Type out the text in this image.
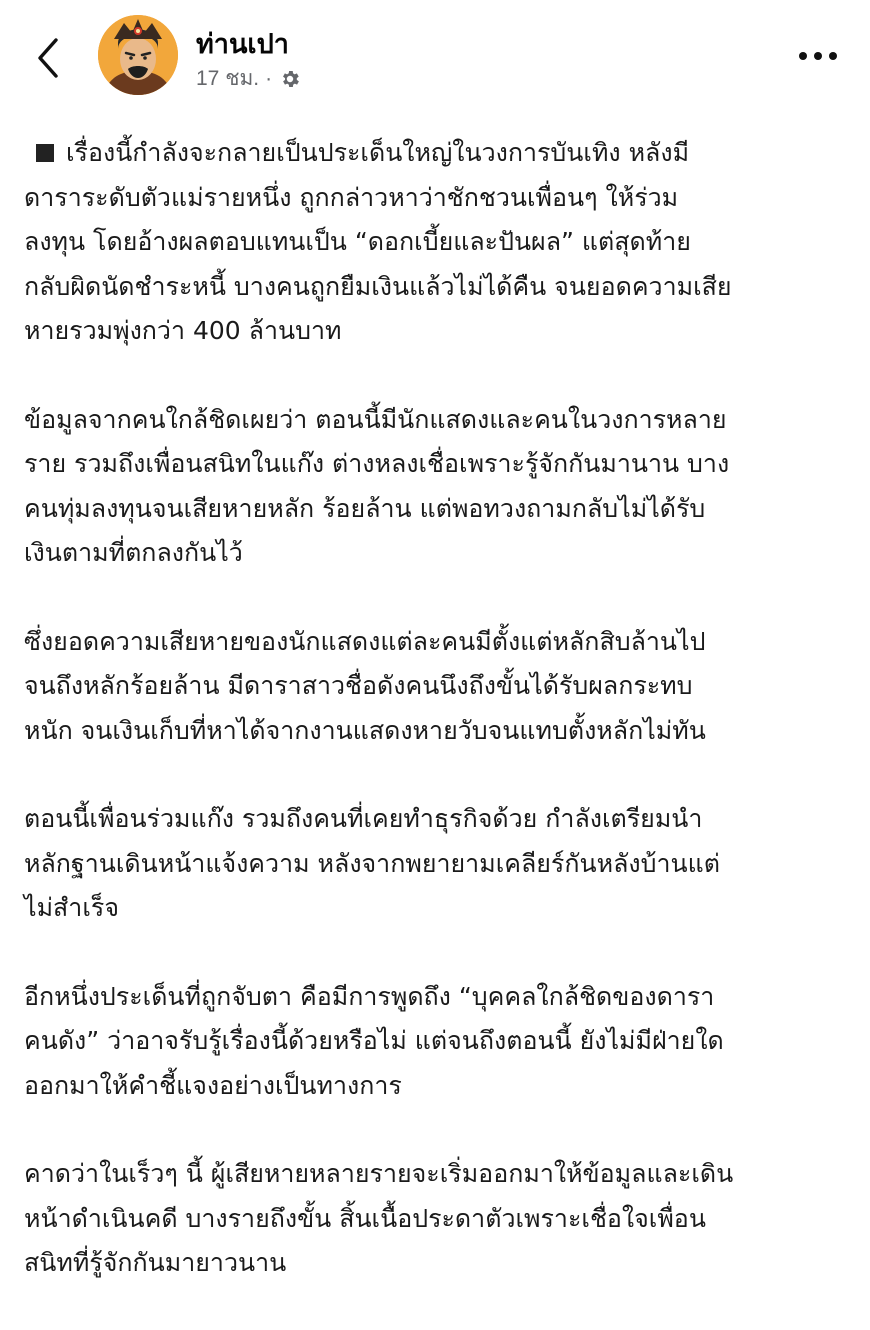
ท่านเปา
17 ชม. ·

เรื่องนี้กำลังจะกลายเป็นประเด็นใหญ่ในวงการบันเทิง หลังมี
ดาราระดับตัวแม่รายหนึ่ง ถูกกล่าวหาว่าชักชวนเพื่อนๆ ให้ร่วม
ลงทุน โดยอ้างผลตอบแทนเป็น “ดอกเบี้ยและปันผล” แต่สุดท้าย
กลับผิดนัดชำระหนี้ บางคนถูกยืมเงินแล้วไม่ได้คืน จนยอดความเสีย
หายรวมพุ่งกว่า 400 ล้านบาท

ข้อมูลจากคนใกล้ชิดเผยว่า ตอนนี้มีนักแสดงและคนในวงการหลาย
ราย รวมถึงเพื่อนสนิทในแก๊ง ต่างหลงเชื่อเพราะรู้จักกันมานาน บาง
คนทุ่มลงทุนจนเสียหายหลัก ร้อยล้าน แต่พอทวงถามกลับไม่ได้รับ
เงินตามที่ตกลงกันไว้

ซึ่งยอดความเสียหายของนักแสดงแต่ละคนมีตั้งแต่หลักสิบล้านไป
จนถึงหลักร้อยล้าน มีดาราสาวชื่อดังคนนึงถึงขั้นได้รับผลกระทบ
หนัก จนเงินเก็บที่หาได้จากงานแสดงหายวับจนแทบตั้งหลักไม่ทัน

ตอนนี้เพื่อนร่วมแก๊ง รวมถึงคนที่เคยทำธุรกิจด้วย กำลังเตรียมนำ
หลักฐานเดินหน้าแจ้งความ หลังจากพยายามเคลียร์กันหลังบ้านแต่
ไม่สำเร็จ

อีกหนึ่งประเด็นที่ถูกจับตา คือมีการพูดถึง “บุคคลใกล้ชิดของดารา
คนดัง” ว่าอาจรับรู้เรื่องนี้ด้วยหรือไม่ แต่จนถึงตอนนี้ ยังไม่มีฝ่ายใด
ออกมาให้คำชี้แจงอย่างเป็นทางการ

คาดว่าในเร็วๆ นี้ ผู้เสียหายหลายรายจะเริ่มออกมาให้ข้อมูลและเดิน
หน้าดำเนินคดี บางรายถึงขั้น สิ้นเนื้อประดาตัวเพราะเชื่อใจเพื่อน
สนิทที่รู้จักกันมายาวนาน
